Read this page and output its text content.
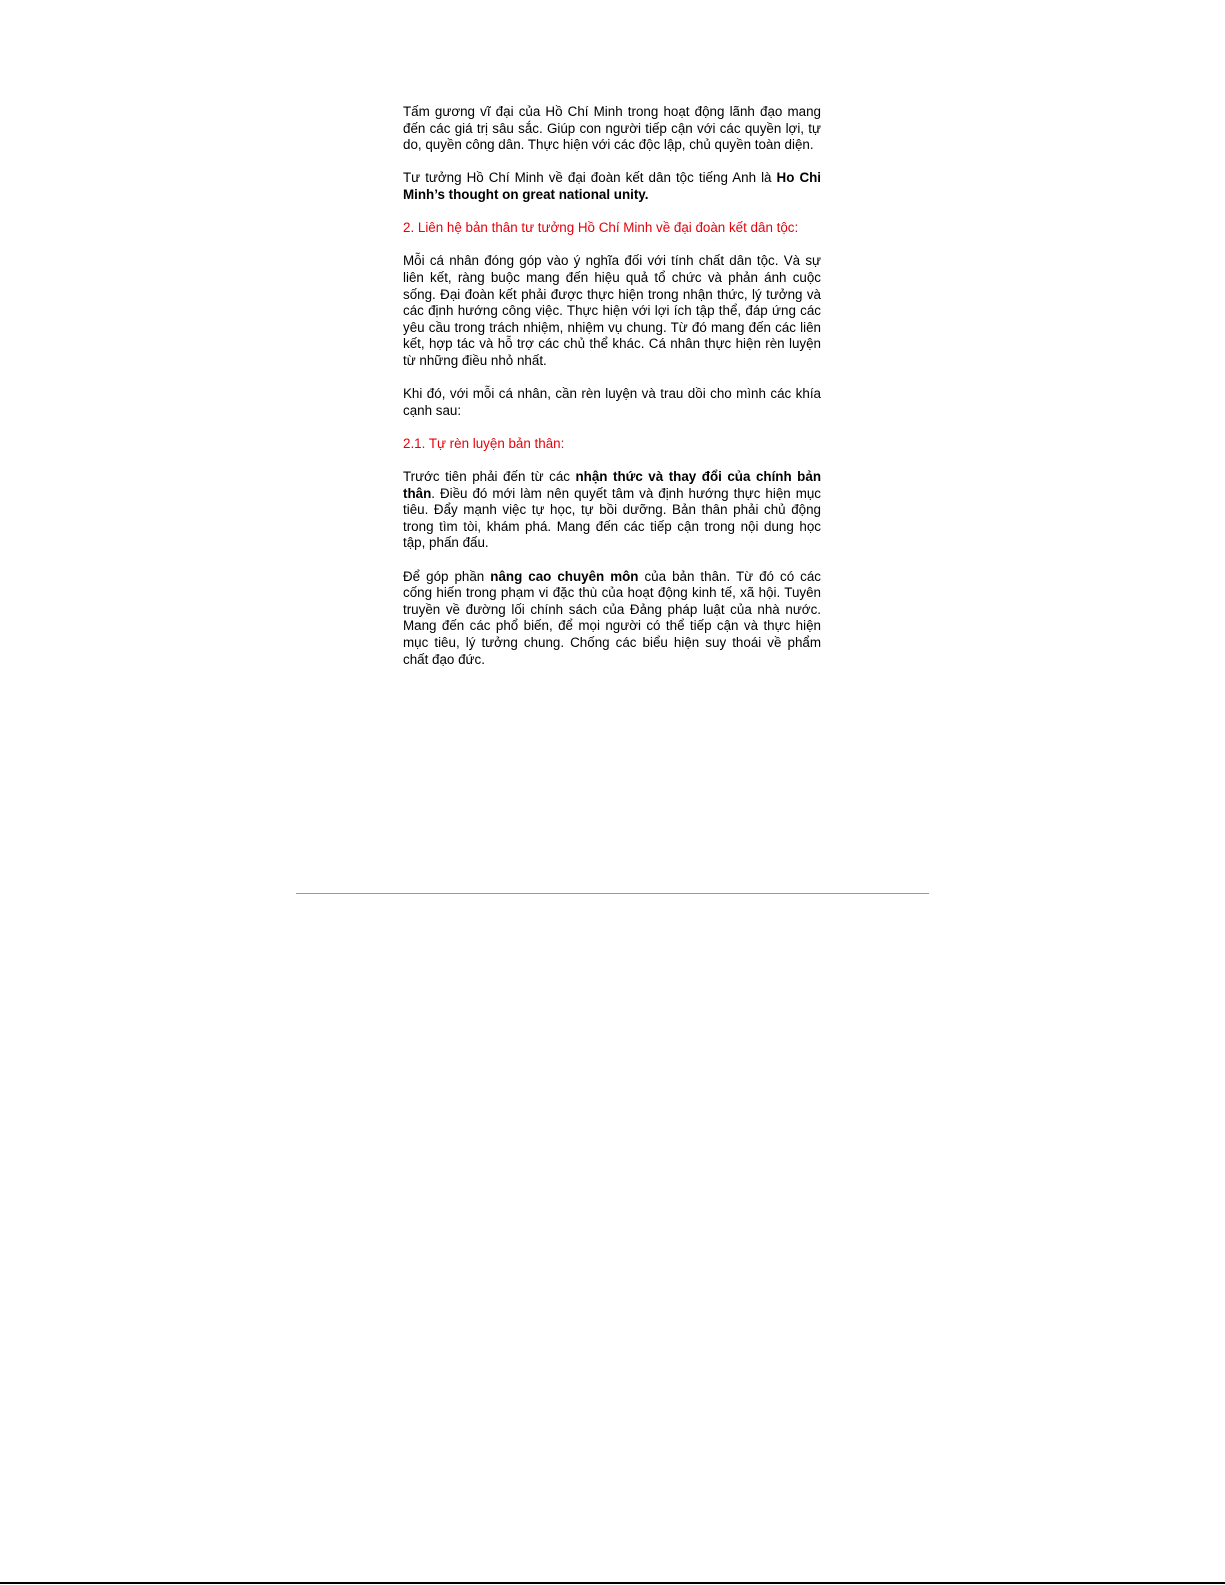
Tấm gương vĩ đại của Hồ Chí Minh trong hoạt động lãnh đạo mang đến các giá trị sâu sắc. Giúp con người tiếp cận với các quyền lợi, tự do, quyền công dân. Thực hiện với các độc lập, chủ quyền toàn diện.

Tư tưởng Hồ Chí Minh về đại đoàn kết dân tộc tiếng Anh là Ho Chi Minh’s thought on great national unity.

2. Liên hệ bản thân tư tưởng Hồ Chí Minh về đại đoàn kết dân tộc:

Mỗi cá nhân đóng góp vào ý nghĩa đối với tính chất dân tộc. Và sự liên kết, ràng buộc mang đến hiệu quả tổ chức và phản ánh cuộc sống. Đại đoàn kết phải được thực hiện trong nhận thức, lý tưởng và các định hướng công việc. Thực hiện với lợi ích tập thể, đáp ứng các yêu cầu trong trách nhiệm, nhiệm vụ chung. Từ đó mang đến các liên kết, hợp tác và hỗ trợ các chủ thể khác. Cá nhân thực hiện rèn luyện từ những điều nhỏ nhất.

Khi đó, với mỗi cá nhân, cần rèn luyện và trau dồi cho mình các khía cạnh sau:

2.1. Tự rèn luyện bản thân:

Trước tiên phải đến từ các nhận thức và thay đổi của chính bản thân. Điều đó mới làm nên quyết tâm và định hướng thực hiện mục tiêu. Đẩy mạnh việc tự học, tự bồi dưỡng. Bản thân phải chủ động trong tìm tòi, khám phá. Mang đến các tiếp cận trong nội dung học tập, phấn đấu.

Để góp phần nâng cao chuyên môn của bản thân. Từ đó có các cống hiến trong phạm vi đặc thù của hoạt động kinh tế, xã hội. Tuyên truyền về đường lối chính sách của Đảng pháp luật của nhà nước. Mang đến các phổ biến, để mọi người có thể tiếp cận và thực hiện mục tiêu, lý tưởng chung. Chống các biểu hiện suy thoái về phẩm chất đạo đức.
